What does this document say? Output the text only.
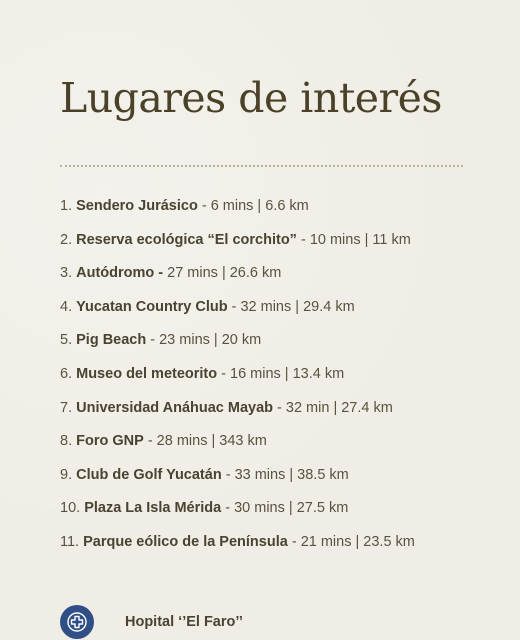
Lugares de interés
1. Sendero Jurásico - 6 mins | 6.6 km
2. Reserva ecológica “El corchito” - 10 mins | 11 km
3. Autódromo - 27 mins | 26.6 km
4. Yucatan Country Club - 32 mins | 29.4 km
5. Pig Beach - 23 mins | 20 km
6. Museo del meteorito - 16 mins | 13.4 km
7. Universidad Anáhuac Mayab - 32 min | 27.4 km
8. Foro GNP - 28 mins | 343 km
9. Club de Golf Yucatán - 33 mins | 38.5 km
10. Plaza La Isla Mérida - 30 mins | 27.5 km
11. Parque eólico de la Península - 21 mins | 23.5 km
Hopital ‘’El Faro’’
